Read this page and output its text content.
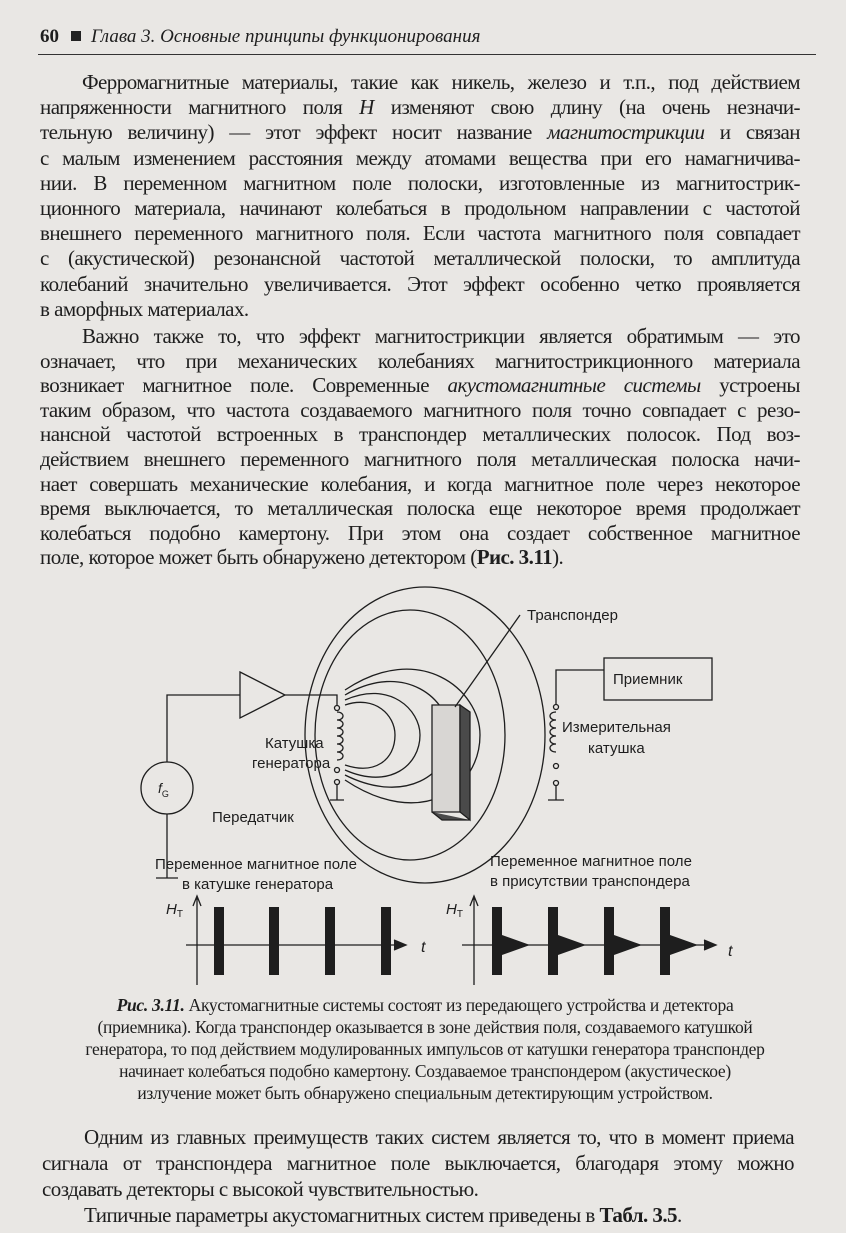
60 Глава 3. Основные принципы функционирования
Ферромагнитные материалы, такие как никель, железо и т.п., под действием
напряженности магнитного поля H изменяют свою длину (на очень незначи-
тельную величину) — этот эффект носит название магнитострикции и связан
с малым изменением расстояния между атомами вещества при его намагничива-
нии. В переменном магнитном поле полоски, изготовленные из магнитострик-
ционного материала, начинают колебаться в продольном направлении с частотой
внешнего переменного магнитного поля. Если частота магнитного поля совпадает
с (акустической) резонансной частотой металлической полоски, то амплитуда
колебаний значительно увеличивается. Этот эффект особенно четко проявляется
в аморфных материалах.
Важно также то, что эффект магнитострикции является обратимым — это
означает, что при механических колебаниях магнитострикционного материала
возникает магнитное поле. Современные акустомагнитные системы устроены
таким образом, что частота создаваемого магнитного поля точно совпадает с резо-
нансной частотой встроенных в транспондер металлических полосок. Под воз-
действием внешнего переменного магнитного поля металлическая полоска начи-
нает совершать механические колебания, и когда магнитное поле через некоторое
время выключается, то металлическая полоска еще некоторое время продолжает
колебаться подобно камертону. При этом она создает собственное магнитное
поле, которое может быть обнаружено детектором (Рис. 3.11).
$f_G$
Транспондер
Приемник
Измерительная
катушка
Катушка
генератора
Передатчик
Переменное магнитное поле
в катушке генератора
Переменное магнитное поле
в присутствии транспондера
$H_T$
t
$H_T$
t
Рис. 3.11. Акустомагнитные системы состоят из передающего устройства и детектора
(приемника). Когда транспондер оказывается в зоне действия поля, создаваемого катушкой
генератора, то под действием модулированных импульсов от катушки генератора транспондер
начинает колебаться подобно камертону. Создаваемое транспондером (акустическое)
излучение может быть обнаружено специальным детектирующим устройством.
Одним из главных преимуществ таких систем является то, что в момент приема
сигнала от транспондера магнитное поле выключается, благодаря этому можно
создавать детекторы с высокой чувствительностью.
Типичные параметры акустомагнитных систем приведены в Табл. 3.5.
